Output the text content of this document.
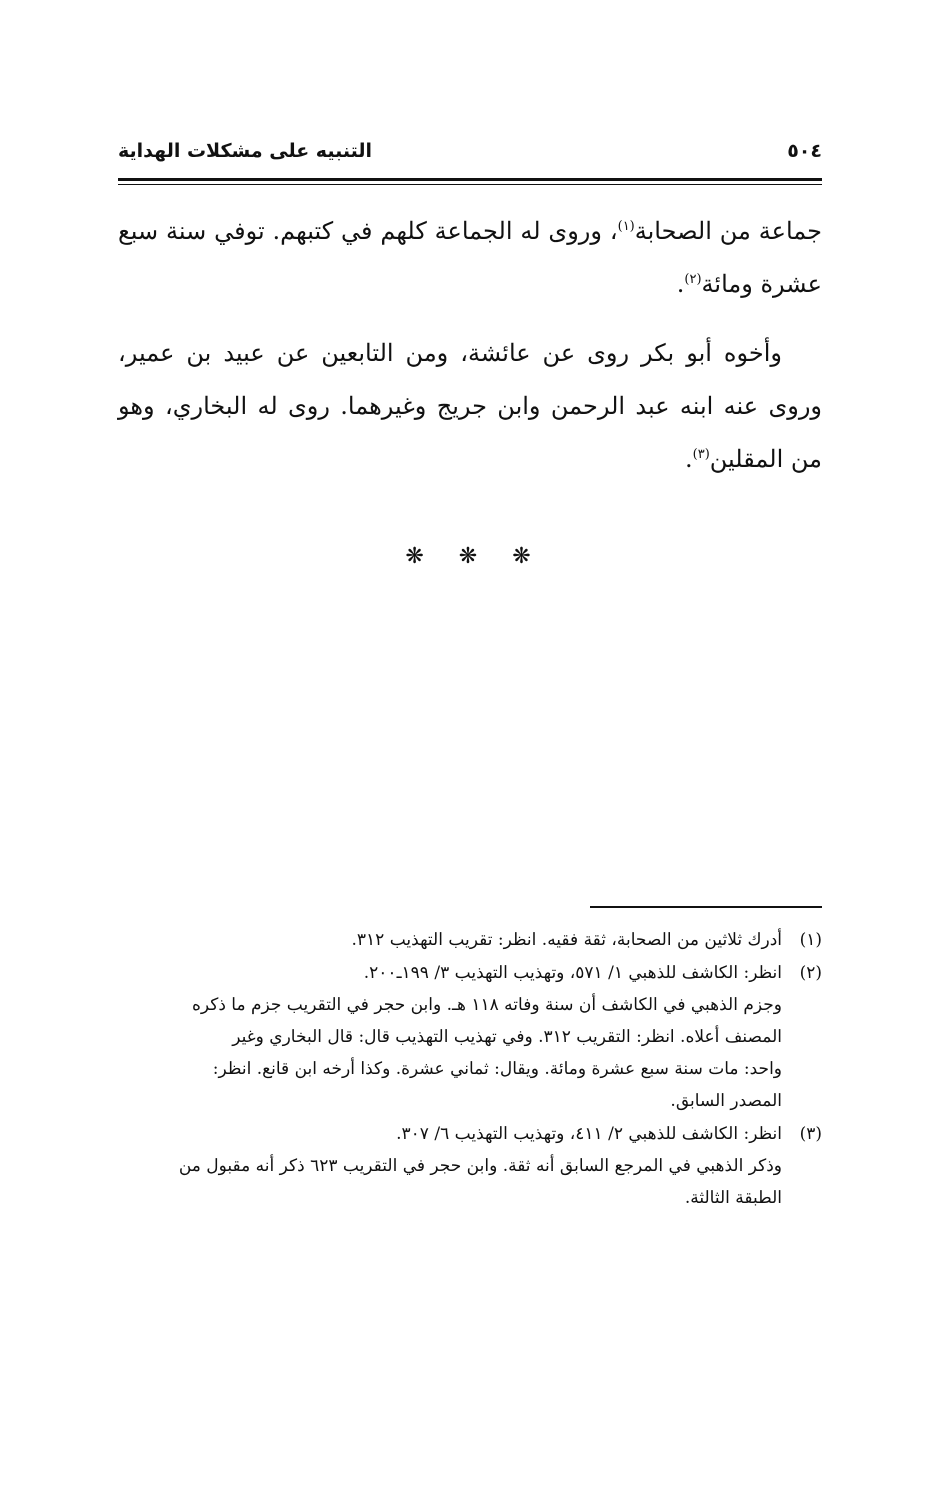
التنبيه على مشكلات الهداية	٥٠٤

جماعة من الصحابة$^{(١)}$، وروى له الجماعة كلهم في كتبهم. توفي سنة سبع عشرة ومائة$^{(٢)}$.

وأخوه أبو بكر روى عن عائشة، ومن التابعين عن عبيد بن عمير، وروى عنه ابنه عبد الرحمن وابن جريج وغيرهما. روى له البخاري، وهو من المقلين$^{(٣)}$.

❋ ❋ ❋
(١)أدرك ثلاثين من الصحابة، ثقة فقيه. انظر: تقريب التهذيب ٣١٢.
(٢)انظر: الكاشف للذهبي ١/ ٥٧١، وتهذيب التهذيب ٣/ ١٩٩ـ٢٠٠.
وجزم الذهبي في الكاشف أن سنة وفاته ١١٨ هـ. وابن حجر في التقريب جزم ما ذكره
المصنف أعلاه. انظر: التقريب ٣١٢. وفي تهذيب التهذيب قال: قال البخاري وغير
واحد: مات سنة سبع عشرة ومائة. ويقال: ثماني عشرة. وكذا أرخه ابن قانع. انظر:
المصدر السابق.
(٣)انظر: الكاشف للذهبي ٢/ ٤١١، وتهذيب التهذيب ٦/ ٣٠٧.
وذكر الذهبي في المرجع السابق أنه ثقة. وابن حجر في التقريب ٦٢٣ ذكر أنه مقبول من
الطبقة الثالثة.
